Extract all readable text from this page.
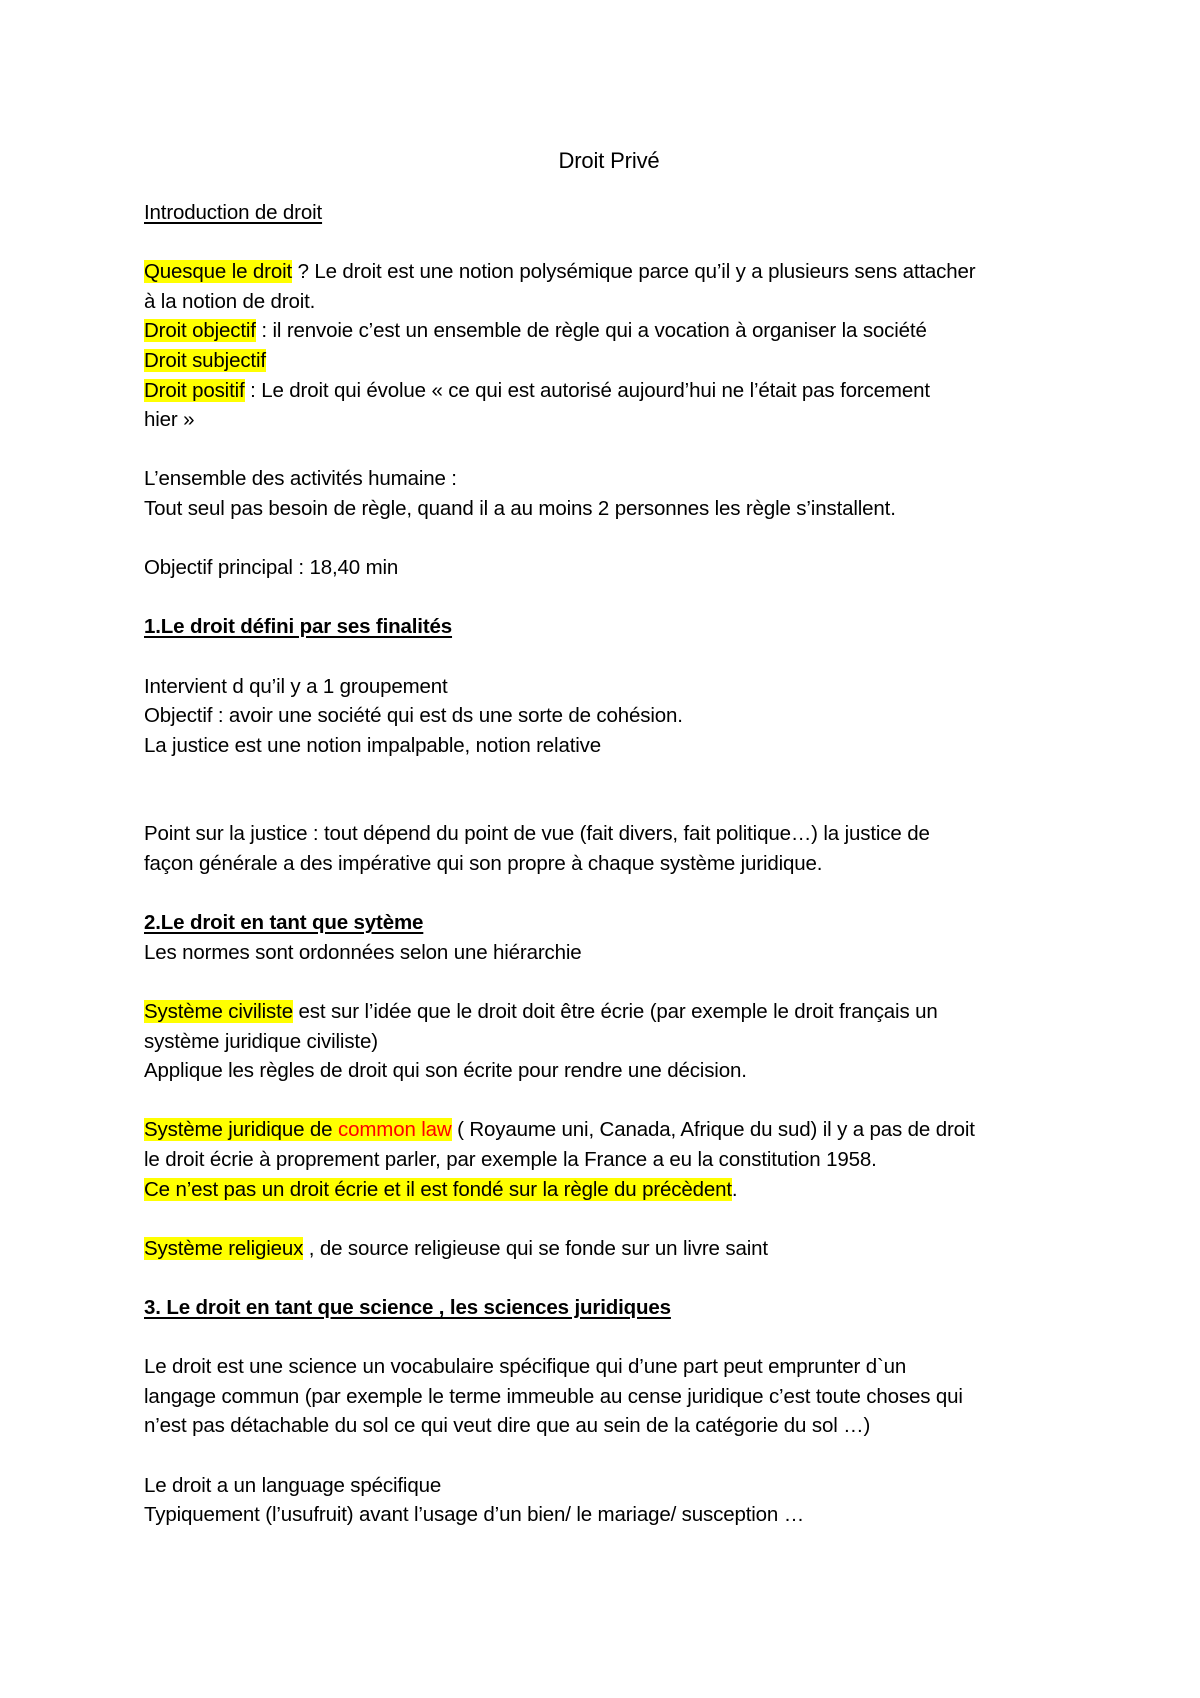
Droit Privé

Introduction de droit

Quesque le droit ? Le droit est une notion polysémique parce qu’il y a plusieurs sens attacher

à la notion de droit.

Droit objectif : il renvoie c’est un ensemble de règle qui a vocation à organiser la société

Droit subjectif

Droit positif : Le droit qui évolue « ce qui est autorisé aujourd’hui ne l’était pas forcement

hier »

L’ensemble des activités humaine :

Tout seul pas besoin de règle, quand il a au moins 2 personnes les règle s’installent.

Objectif principal : 18,40 min

1.Le droit défini par ses finalités

Intervient d qu’il y a 1 groupement

Objectif : avoir une société qui est ds une sorte de cohésion.

La justice est une notion impalpable, notion relative

Point sur la justice : tout dépend du point de vue (fait divers, fait politique…) la justice de

façon générale a des impérative qui son propre à chaque système juridique.

2.Le droit en tant que sytème

Les normes sont ordonnées selon une hiérarchie

Système civiliste est sur l’idée que le droit doit être écrie (par exemple le droit français un

système juridique civiliste)

Applique les règles de droit qui son écrite pour rendre une décision.

Système juridique de common law ( Royaume uni, Canada, Afrique du sud) il y a pas de droit

le droit écrie à proprement parler, par exemple la France a eu la constitution 1958.

Ce n’est pas un droit écrie et il est fondé sur la règle du précèdent.

Système religieux , de source religieuse qui se fonde sur un livre saint

3. Le droit en tant que science , les sciences juridiques

Le droit est une science un vocabulaire spécifique qui d’une part peut emprunter d`un

langage commun (par exemple le terme immeuble au cense juridique c’est toute choses qui

n’est pas détachable du sol ce qui veut dire que au sein de la catégorie du sol …)

Le droit a un language spécifique

Typiquement (l’usufruit) avant l’usage d’un bien/ le mariage/ susception …
